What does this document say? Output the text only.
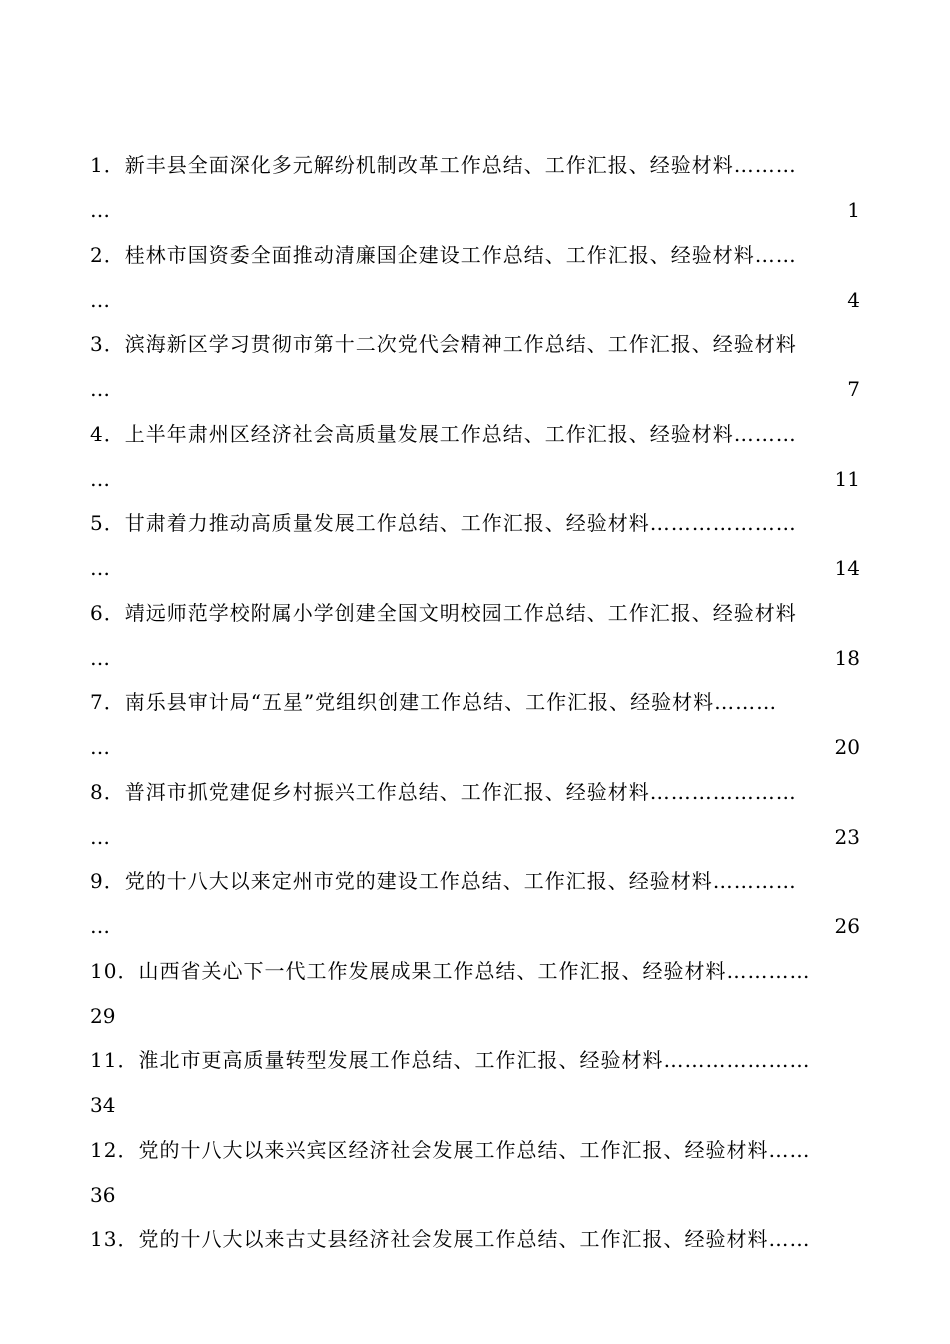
1．新丰县全面深化多元解纷机制改革工作总结、工作汇报、经验材料………
…	1
2．桂林市国资委全面推动清廉国企建设工作总结、工作汇报、经验材料……
…	4
3．滨海新区学习贯彻市第十二次党代会精神工作总结、工作汇报、经验材料
…	7
4．上半年肃州区经济社会高质量发展工作总结、工作汇报、经验材料………
…	11
5．甘肃着力推动高质量发展工作总结、工作汇报、经验材料…………………
…	14
6．靖远师范学校附属小学创建全国文明校园工作总结、工作汇报、经验材料
…	18
7．南乐县审计局“五星”党组织创建工作总结、工作汇报、经验材料………
…	20
8．普洱市抓党建促乡村振兴工作总结、工作汇报、经验材料…………………
…	23
9．党的十八大以来定州市党的建设工作总结、工作汇报、经验材料…………
…	26
10．山西省关心下一代工作发展成果工作总结、工作汇报、经验材料…………
29
11．淮北市更高质量转型发展工作总结、工作汇报、经验材料…………………
34
12．党的十八大以来兴宾区经济社会发展工作总结、工作汇报、经验材料……
36
13．党的十八大以来古丈县经济社会发展工作总结、工作汇报、经验材料……
